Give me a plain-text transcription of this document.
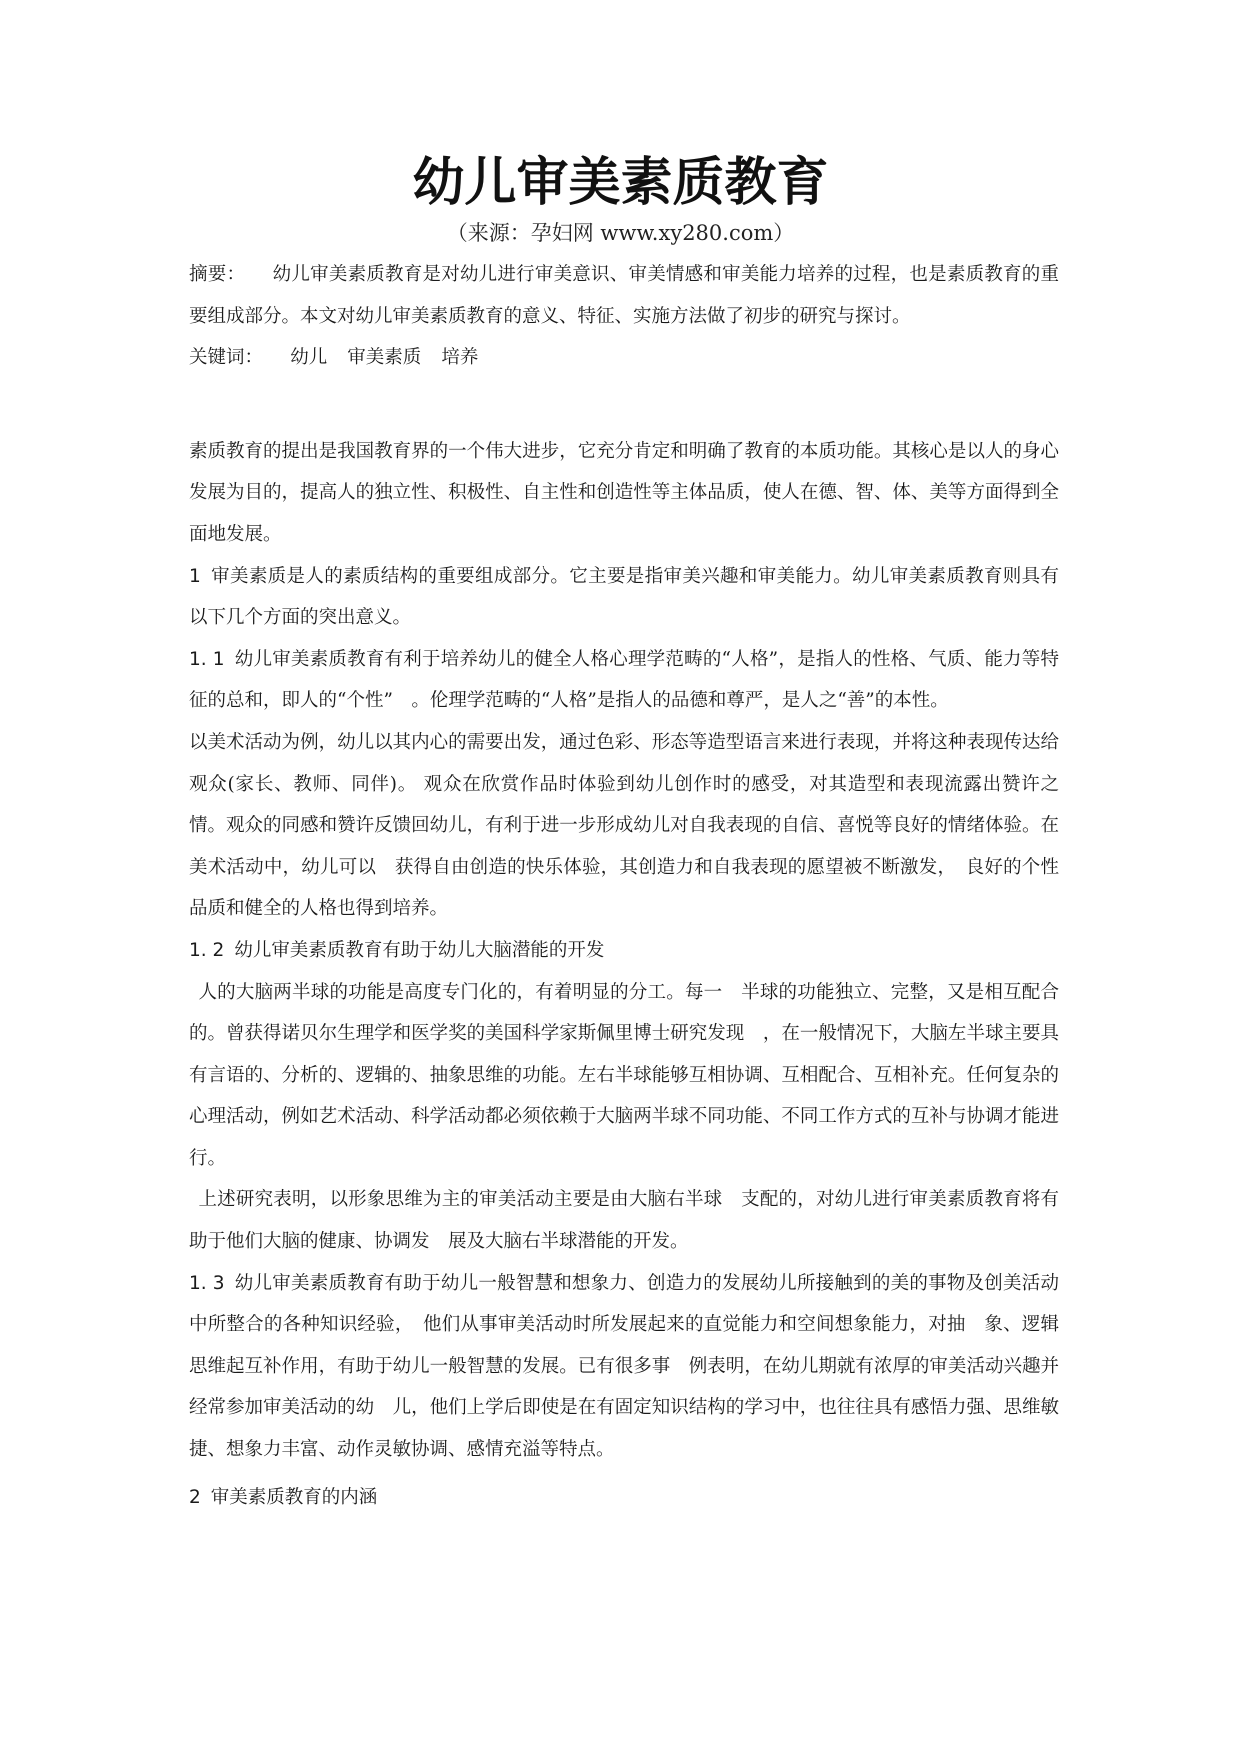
幼儿审美素质教育
（来源：孕妇网 www.xy280.com）

摘要：　 幼儿审美素质教育是对幼儿进行审美意识、审美情感和审美能力培养的过程，也是素质教育的重要组成部分。本文对幼儿审美素质教育的意义、特征、实施方法做了初步的研究与探讨。

关键词：　 幼儿 审美素质 培养

素质教育的提出是我国教育界的一个伟大进步，它充分肯定和明确了教育的本质功能。其核心是以人的身心发展为目的，提高人的独立性、积极性、自主性和创造性等主体品质，使人在德、智、体、美等方面得到全面地发展。

1 审美素质是人的素质结构的重要组成部分。它主要是指审美兴趣和审美能力。幼儿审美素质教育则具有以下几个方面的突出意义。

1. 1 幼儿审美素质教育有利于培养幼儿的健全人格心理学范畴的“人格”，是指人的性格、气质、能力等特征的总和，即人的“个性”　。伦理学范畴的“人格”是指人的品德和尊严，是人之“善”的本性。

以美术活动为例，幼儿以其内心的需要出发，通过色彩、形态等造型语言来进行表现，并将这种表现传达给观众(家长、教师、同伴)。 观众在欣赏作品时体验到幼儿创作时的感受，对其造型和表现流露出赞许之情。观众的同感和赞许反馈回幼儿，有利于进一步形成幼儿对自我表现的自信、喜悦等良好的情绪体验。在美术活动中，幼儿可以　获得自由创造的快乐体验，其创造力和自我表现的愿望被不断激发，　良好的个性品质和健全的人格也得到培养。

1. 2 幼儿审美素质教育有助于幼儿大脑潜能的开发

 人的大脑两半球的功能是高度专门化的，有着明显的分工。每一　半球的功能独立、完整，又是相互配合的。曾获得诺贝尔生理学和医学奖的美国科学家斯佩里博士研究发现　，在一般情况下，大脑左半球主要具有言语的、分析的、逻辑的、抽象思维的功能。左右半球能够互相协调、互相配合、互相补充。任何复杂的心理活动，例如艺术活动、科学活动都必须依赖于大脑两半球不同功能、不同工作方式的互补与协调才能进行。

 上述研究表明，以形象思维为主的审美活动主要是由大脑右半球　支配的，对幼儿进行审美素质教育将有助于他们大脑的健康、协调发　展及大脑右半球潜能的开发。

1. 3 幼儿审美素质教育有助于幼儿一般智慧和想象力、创造力的发展幼儿所接触到的美的事物及创美活动中所整合的各种知识经验，　他们从事审美活动时所发展起来的直觉能力和空间想象能力，对抽　象、逻辑思维起互补作用，有助于幼儿一般智慧的发展。已有很多事　例表明，在幼儿期就有浓厚的审美活动兴趣并经常参加审美活动的幼　儿，他们上学后即使是在有固定知识结构的学习中，也往往具有感悟力强、思维敏捷、想象力丰富、动作灵敏协调、感情充溢等特点。

2 审美素质教育的内涵
